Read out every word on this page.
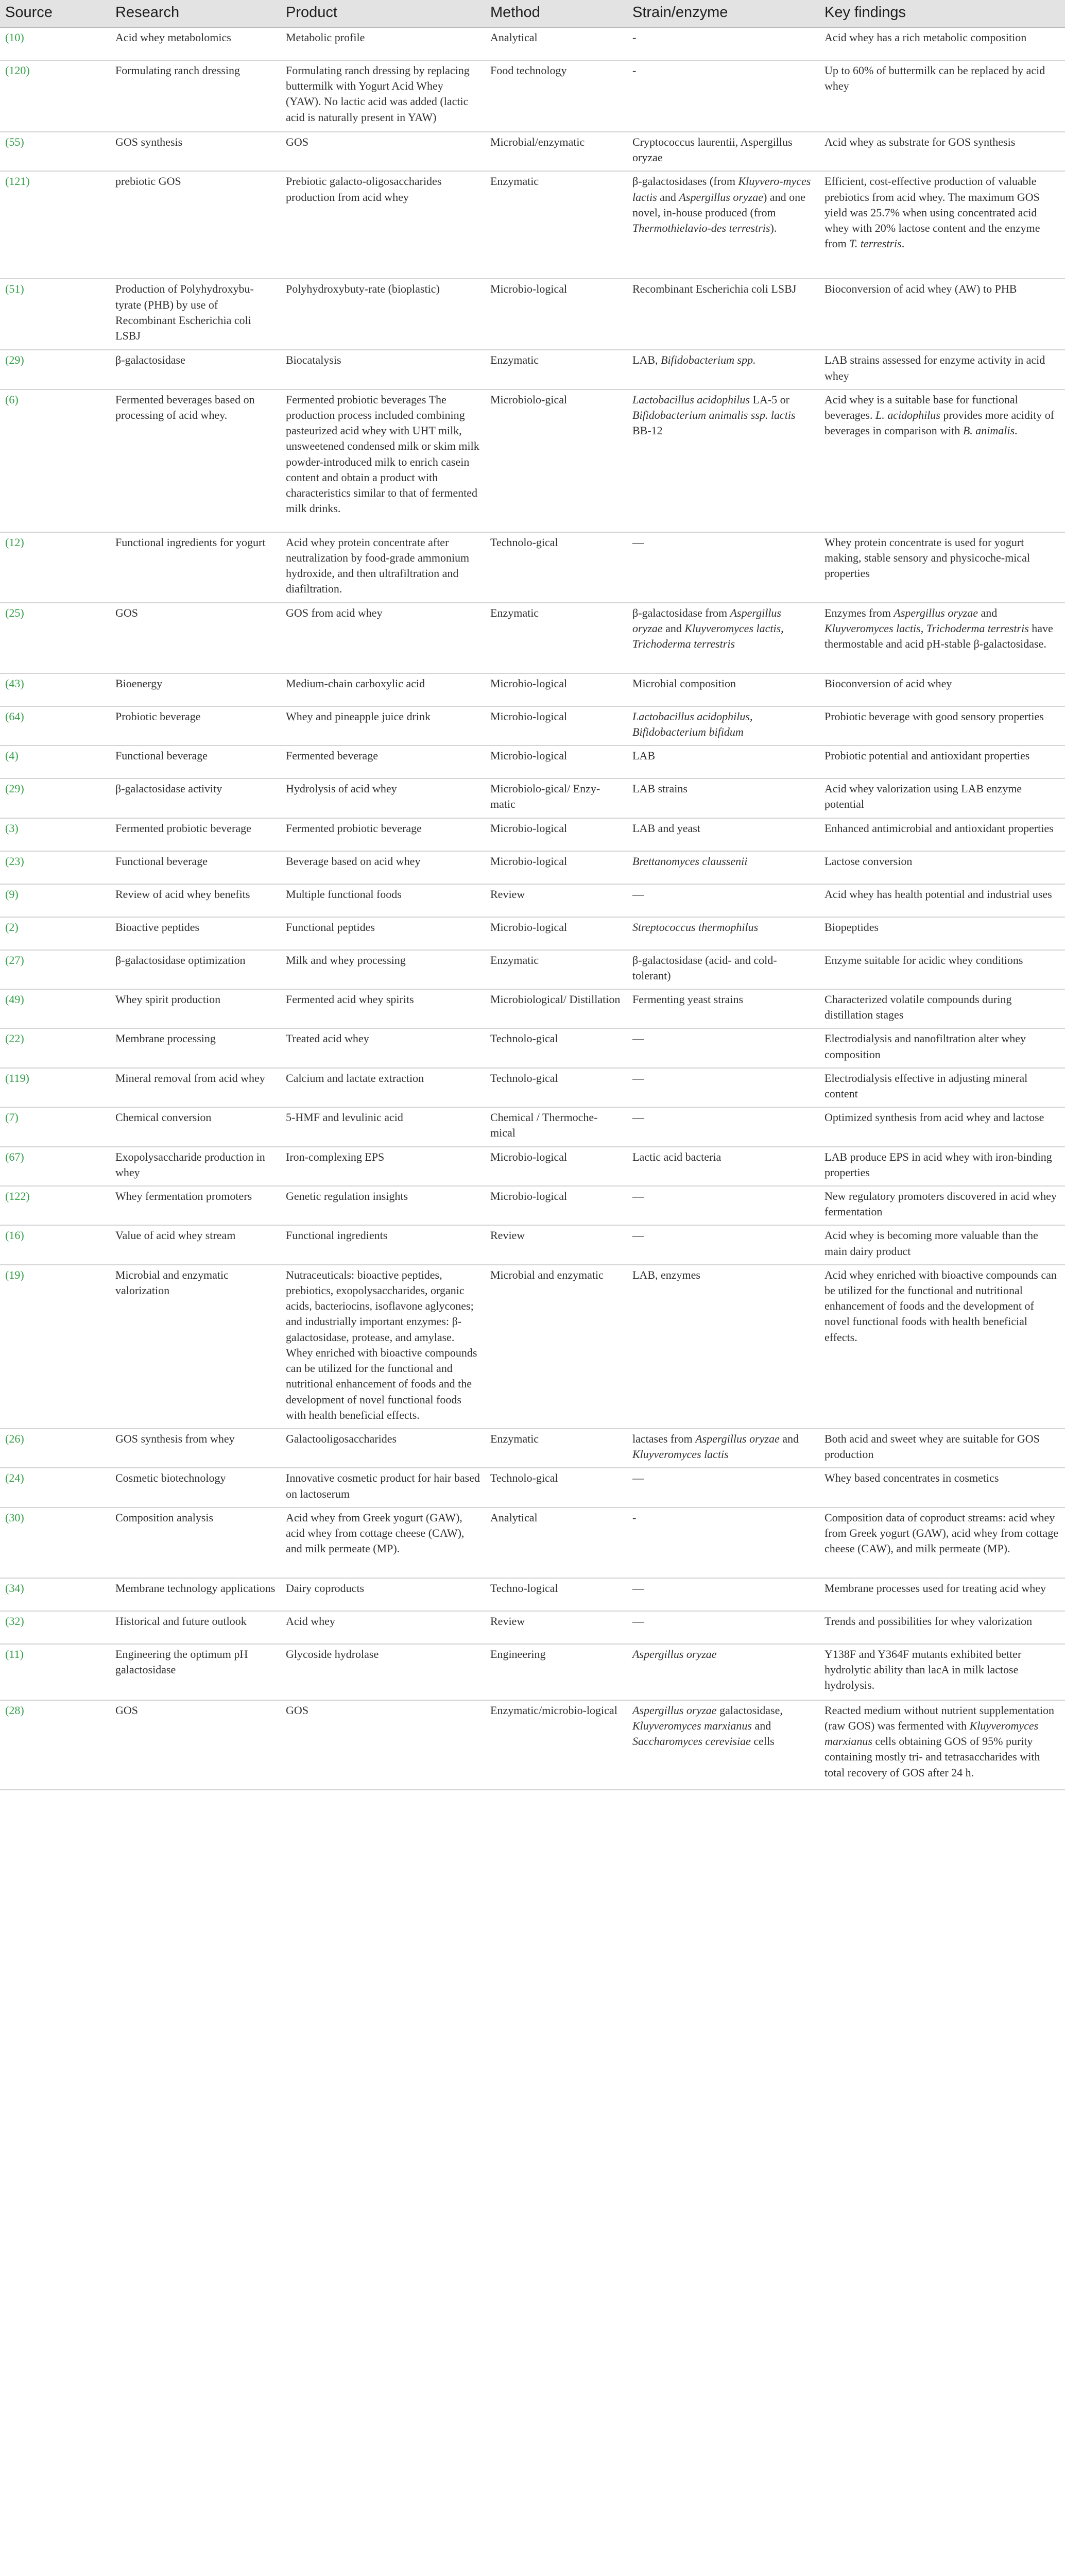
Source	Research	Product	Method	Strain/enzyme	Key findings
(10)	Acid whey metabolomics	Metabolic profile	Analytical	-	Acid whey has a rich metabolic composition
(120)	Formulating ranch dressing	Formulating ranch dressing by replacing buttermilk with Yogurt Acid Whey (YAW). No lactic acid was added (lactic acid is naturally present in YAW)	Food technology	-	Up to 60% of buttermilk can be replaced by acid whey
(55)	GOS synthesis	GOS	Microbial/enzymatic	Cryptococcus laurentii, Aspergillus oryzae	Acid whey as substrate for GOS synthesis
(121)	prebiotic GOS	Prebiotic galacto-oligosaccharides production from acid whey	Enzymatic	β-galactosidases (from Kluyvero-myces lactis and Aspergillus oryzae) and one novel, in-house produced (from Thermothielavio-des terrestris).	Efficient, cost-effective production of valuable prebiotics from acid whey. The maximum GOS yield was 25.7% when using concentrated acid whey with 20% lactose content and the enzyme from T. terrestris.
(51)	Production of Polyhydroxybu-tyrate (PHB) by use of Recombinant Escherichia coli LSBJ	Polyhydroxybuty-rate (bioplastic)	Microbio-logical	Recombinant Escherichia coli LSBJ	Bioconversion of acid whey (AW) to PHB
(29)	β-galactosidase	Biocatalysis	Enzymatic	LAB, Bifidobacterium spp.	LAB strains assessed for enzyme activity in acid whey
(6)	Fermented beverages based on processing of acid whey.	Fermented probiotic beverages The production process included combining pasteurized acid whey with UHT milk, unsweetened condensed milk or skim milk powder-introduced milk to enrich casein content and obtain a product with characteristics similar to that of fermented milk drinks.	Microbiolo-gical	Lactobacillus acidophilus LA-5 or Bifidobacterium animalis ssp. lactis BB-12	Acid whey is a suitable base for functional beverages. L. acidophilus provides more acidity of beverages in comparison with B. animalis.
(12)	Functional ingredients for yogurt	Acid whey protein concentrate after neutralization by food-grade ammonium hydroxide, and then ultrafiltration and diafiltration.	Technolo-gical	—	Whey protein concentrate is used for yogurt making, stable sensory and physicoche-mical properties
(25)	GOS	GOS from acid whey	Enzymatic	β-galactosidase from Aspergillus oryzae and Kluyveromyces lactis, Trichoderma terrestris	Enzymes from Aspergillus oryzae and Kluyveromyces lactis, Trichoderma terrestris have thermostable and acid pH-stable β-galactosidase.
(43)	Bioenergy	Medium-chain carboxylic acid	Microbio-logical	Microbial composition	Bioconversion of acid whey
(64)	Probiotic beverage	Whey and pineapple juice drink	Microbio-logical	Lactobacillus acidophilus, Bifidobacterium bifidum	Probiotic beverage with good sensory properties
(4)	Functional beverage	Fermented beverage	Microbio-logical	LAB	Probiotic potential and antioxidant properties
(29)	β-galactosidase activity	Hydrolysis of acid whey	Microbiolo-gical/ Enzy-matic	LAB strains	Acid whey valorization using LAB enzyme potential
(3)	Fermented probiotic beverage	Fermented probiotic beverage	Microbio-logical	LAB and yeast	Enhanced antimicrobial and antioxidant properties
(23)	Functional beverage	Beverage based on acid whey	Microbio-logical	Brettanomyces claussenii	Lactose conversion
(9)	Review of acid whey benefits	Multiple functional foods	Review	—	Acid whey has health potential and industrial uses
(2)	Bioactive peptides	Functional peptides	Microbio-logical	Streptococcus thermophilus	Biopeptides
(27)	β-galactosidase optimization	Milk and whey processing	Enzymatic	β-galactosidase (acid- and cold-tolerant)	Enzyme suitable for acidic whey conditions
(49)	Whey spirit production	Fermented acid whey spirits	Microbiological/ Distillation	Fermenting yeast strains	Characterized volatile compounds during distillation stages
(22)	Membrane processing	Treated acid whey	Technolo-gical	—	Electrodialysis and nanofiltration alter whey composition
(119)	Mineral removal from acid whey	Calcium and lactate extraction	Technolo-gical	—	Electrodialysis effective in adjusting mineral content
(7)	Chemical conversion	5-HMF and levulinic acid	Chemical / Thermoche-mical	—	Optimized synthesis from acid whey and lactose
(67)	Exopolysaccharide production in whey	Iron-complexing EPS	Microbio-logical	Lactic acid bacteria	LAB produce EPS in acid whey with iron-binding properties
(122)	Whey fermentation promoters	Genetic regulation insights	Microbio-logical	—	New regulatory promoters discovered in acid whey fermentation
(16)	Value of acid whey stream	Functional ingredients	Review	—	Acid whey is becoming more valuable than the main dairy product
(19)	Microbial and enzymatic valorization	Nutraceuticals: bioactive peptides, prebiotics, exopolysaccharides, organic acids, bacteriocins, isoflavone aglycones; and industrially important enzymes: β-galactosidase, protease, and amylase. Whey enriched with bioactive compounds can be utilized for the functional and nutritional enhancement of foods and the development of novel functional foods with health beneficial effects.	Microbial and enzymatic	LAB, enzymes	Acid whey enriched with bioactive compounds can be utilized for the functional and nutritional enhancement of foods and the development of novel functional foods with health beneficial effects.
(26)	GOS synthesis from whey	Galactooligosaccharides	Enzymatic	lactases from Aspergillus oryzae and Kluyveromyces lactis	Both acid and sweet whey are suitable for GOS production
(24)	Cosmetic biotechnology	Innovative cosmetic product for hair based on lactoserum	Technolo-gical	—	Whey based concentrates in cosmetics
(30)	Composition analysis	Acid whey from Greek yogurt (GAW), acid whey from cottage cheese (CAW), and milk permeate (MP).	Analytical	-	Composition data of coproduct streams: acid whey from Greek yogurt (GAW), acid whey from cottage cheese (CAW), and milk permeate (MP).
(34)	Membrane technology applications	Dairy coproducts	Techno-logical	—	Membrane processes used for treating acid whey
(32)	Historical and future outlook	Acid whey	Review	—	Trends and possibilities for whey valorization
(11)	Engineering the optimum pH galactosidase	Glycoside hydrolase	Engineering	Aspergillus oryzae	Y138F and Y364F mutants exhibited better hydrolytic ability than lacA in milk lactose hydrolysis.
(28)	GOS	GOS	Enzymatic/microbio-logical	Aspergillus oryzae galactosidase, Kluyveromyces marxianus and Saccharomyces cerevisiae cells	Reacted medium without nutrient supplementation (raw GOS) was fermented with Kluyveromyces marxianus cells obtaining GOS of 95% purity containing mostly tri- and tetrasaccharides with total recovery of GOS after 24 h.
